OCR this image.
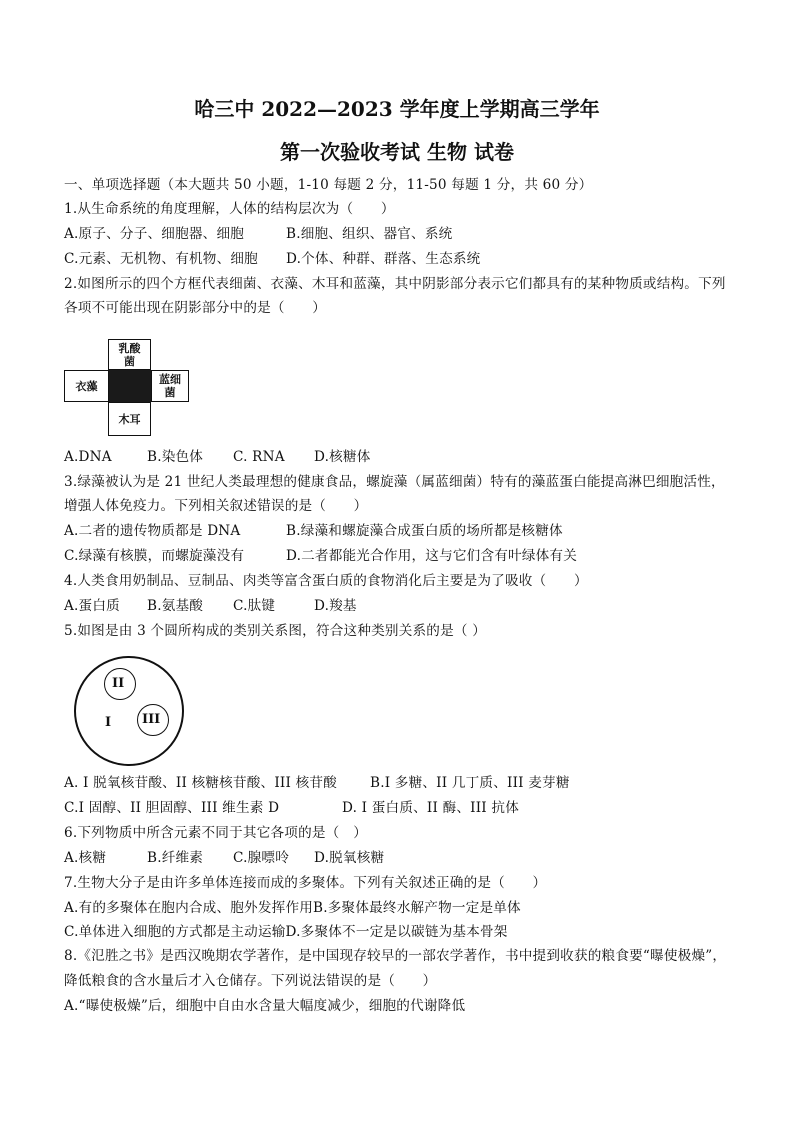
哈三中 2022—2023 学年度上学期高三学年
第一次验收考试 生物 试卷
一、单项选择题（本大题共 50 小题，1-10 每题 2 分，11-50 每题 1 分，共 60 分）
1.从生命系统的角度理解，人体的结构层次为（　　）
A.原子、分子、细胞器、细胞	B.细胞、组织、器官、系统
C.元素、无机物、有机物、细胞 D.个体、种群、群落、生态系统
2.如图所示的四个方框代表细菌、衣藻、木耳和蓝藻，其中阴影部分表示它们都具有的某种物质或结构。下列
各项不可能出现在阴影部分中的是（　　）
乳酸
菌
衣藻	蓝细
菌
木耳
A.DNA	B.染色体 C. RNA D.核糖体
3.绿藻被认为是 21 世纪人类最理想的健康食品，螺旋藻（属蓝细菌）特有的藻蓝蛋白能提高淋巴细胞活性，
增强人体免疫力。下列相关叙述错误的是（　　）
A.二者的遗传物质都是 DNA	B.绿藻和螺旋藻合成蛋白质的场所都是核糖体
C.绿藻有核膜，而螺旋藻没有	D.二者都能光合作用，这与它们含有叶绿体有关
4.人类食用奶制品、豆制品、肉类等富含蛋白质的食物消化后主要是为了吸收（　　）
A.蛋白质 B.氨基酸 C.肽键	D.羧基
5.如图是由 3 个圆所构成的类别关系图，符合这种类别关系的是（ ）
II
III
I
A. I 脱氧核苷酸、II 核糖核苷酸、III 核苷酸 B.I 多糖、II 几丁质、III 麦芽糖
C.I 固醇、II 胆固醇、III 维生素 D	D. I 蛋白质、II 酶、III 抗体
6.下列物质中所含元素不同于其它各项的是（　）
A.核糖	B.纤维素 C.腺嘌呤 D.脱氧核糖
7.生物大分子是由许多单体连接而成的多聚体。下列有关叙述正确的是（　　）
A.有的多聚体在胞内合成、胞外发挥作用B.多聚体最终水解产物一定是单体
C.单体进入细胞的方式都是主动运输D.多聚体不一定是以碳链为基本骨架
8.《氾胜之书》是西汉晚期农学著作，是中国现存较早的一部农学著作，书中提到收获的粮食要“曝使极燥”，
降低粮食的含水量后才入仓储存。下列说法错误的是（　　）
A.“曝使极燥”后，细胞中自由水含量大幅度减少，细胞的代谢降低
